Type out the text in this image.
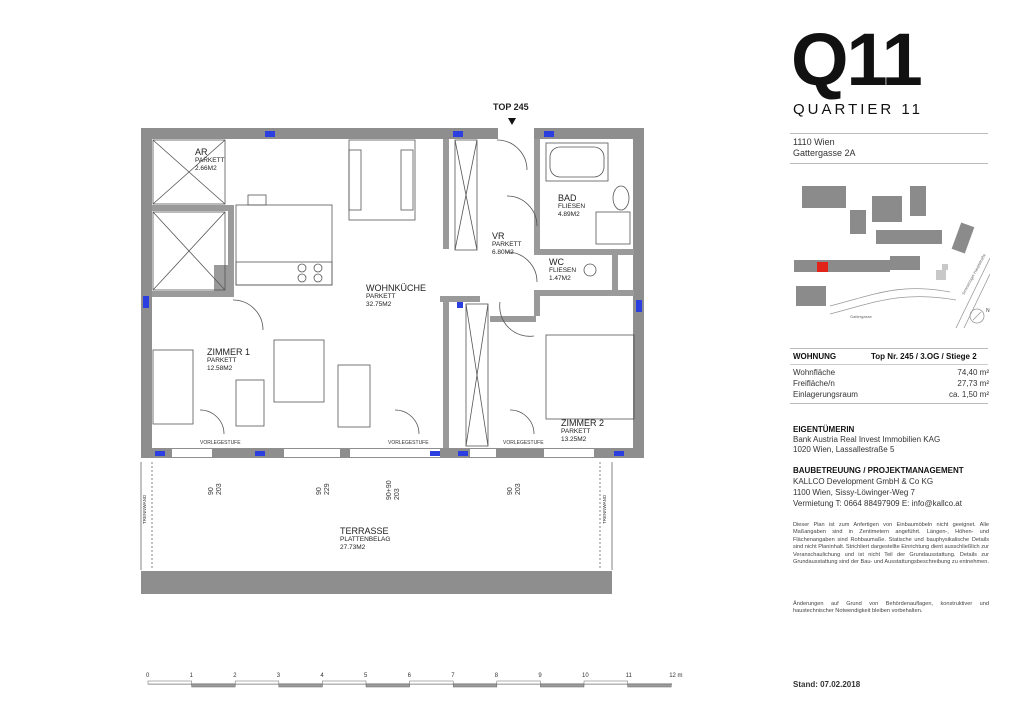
TOP 245
AR
PARKETT
2.66M2
VR
PARKETT
6.80M2
BAD
FLIESEN
4.89M2
WC
FLIESEN
1.47M2
WOHNKÜCHE
PARKETT
32.75M2
ZIMMER 1
PARKETT
12.58M2
ZIMMER 2
PARKETT
13.25M2
TERRASSE
PLATTENBELAG
27.73M2
VORLEGESTUFE	VORLEGESTUFE	VORLEGESTUFE
90
203	90
229	90+90
203	90
203
TRENNWAND	TRENNWAND
0	1	2	3	4	5	6	7	8	9	10	11	12 m
Q11
QUARTIER 11
1110 Wien
Gattergasse 2A
Gattergasse
Simmeringer Hauptstraße
N
WOHNUNG	Top Nr. 245 / 3.OG / Stiege 2
Wohnfläche	74,40 m²
Freifläche/n	27,73 m²
Einlagerungsraum	ca. 1,50 m²
EIGENTÜMERIN
Bank Austria Real Invest Immobilien KAG
1020 Wien, Lassallestraße 5
BAUBETREUUNG / PROJEKTMANAGEMENT
KALLCO Development GmbH & Co KG
1100 Wien, Sissy-Löwinger-Weg 7
Vermietung T: 0664 88497909 E: info@kallco.at
Dieser Plan ist zum Anfertigen von Einbaumöbeln nicht geeignet. Alle Maßangaben sind in Zentimetern angeführt. Längen-, Höhen- und Flächenangaben sind Rohbaumaße. Statische und bauphysikalische Details sind nicht Planinhalt. Strichliert dargestellte Einrichtung dient ausschließlich zur Veranschaulichung und ist nicht Teil der Grundausstattung. Details zur Grundausstattung sind der Bau- und Ausstattungsbeschreibung zu entnehmen.
Änderungen auf Grund von Behördenauflagen, konstruktiver und haustechnischer Notwendigkeit bleiben vorbehalten.
Stand: 07.02.2018
